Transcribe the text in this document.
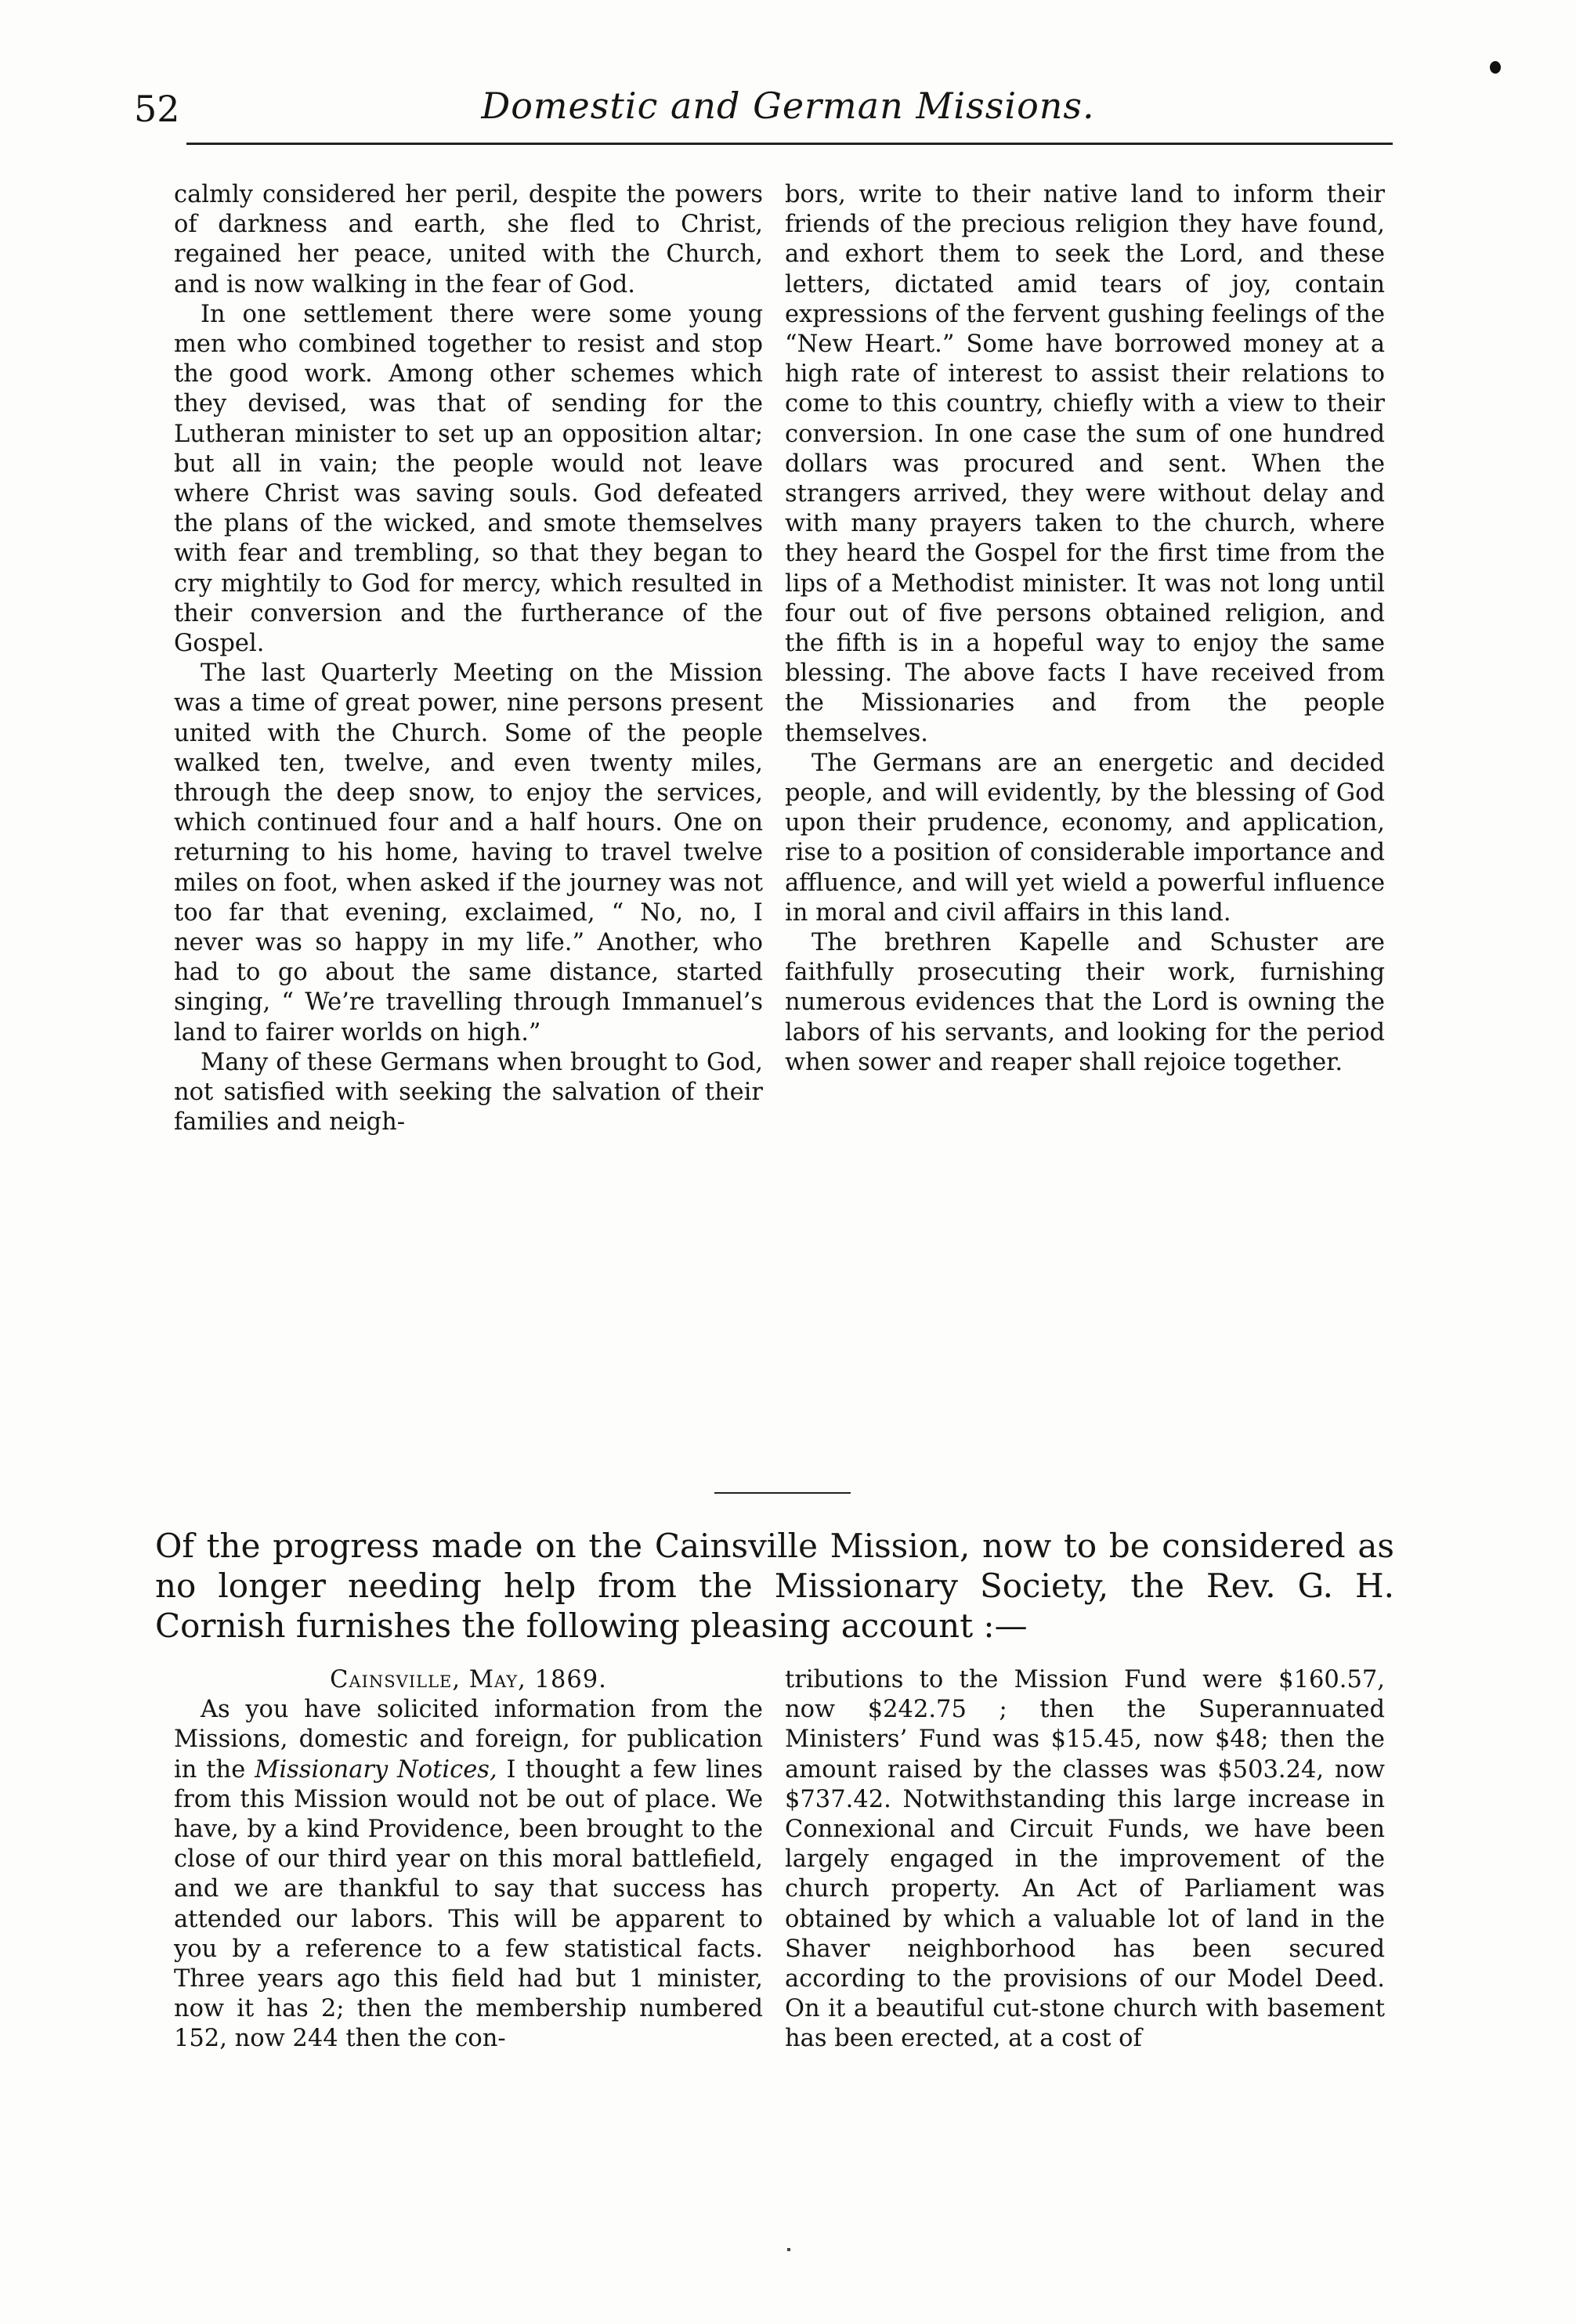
52	Domestic and German Missions.

calmly considered her peril, despite the powers of darkness and earth, she fled to Christ, regained her peace, united with the Church, and is now walking in the fear of God.

In one settlement there were some young men who combined together to resist and stop the good work. Among other schemes which they devised, was that of sending for the Lutheran minister to set up an opposition altar; but all in vain; the people would not leave where Christ was saving souls. God defeated the plans of the wicked, and smote themselves with fear and trembling, so that they began to cry mightily to God for mercy, which resulted in their conversion and the furtherance of the Gospel.

The last Quarterly Meeting on the Mission was a time of great power, nine persons present united with the Church. Some of the people walked ten, twelve, and even twenty miles, through the deep snow, to enjoy the services, which continued four and a half hours. One on returning to his home, having to travel twelve miles on foot, when asked if the journey was not too far that evening, exclaimed, “ No, no, I never was so happy in my life.” Another, who had to go about the same distance, started singing, “ We’re travelling through Immanuel’s land to fairer worlds on high.”

Many of these Germans when brought to God, not satisfied with seeking the salvation of their families and neigh-

bors, write to their native land to inform their friends of the precious religion they have found, and exhort them to seek the Lord, and these letters, dictated amid tears of joy, contain expressions of the fervent gushing feelings of the “New Heart.” Some have borrowed money at a high rate of interest to assist their relations to come to this country, chiefly with a view to their conversion. In one case the sum of one hundred dollars was procured and sent. When the strangers arrived, they were without delay and with many prayers taken to the church, where they heard the Gospel for the first time from the lips of a Methodist minister. It was not long until four out of five persons obtained religion, and the fifth is in a hopeful way to enjoy the same blessing. The above facts I have received from the Missionaries and from the people themselves.

The Germans are an energetic and decided people, and will evidently, by the blessing of God upon their prudence, economy, and application, rise to a position of considerable importance and affluence, and will yet wield a powerful influence in moral and civil affairs in this land.

The brethren Kapelle and Schuster are faithfully prosecuting their work, furnishing numerous evidences that the Lord is owning the labors of his servants, and looking for the period when sower and reaper shall rejoice together.

Of the progress made on the Cainsville Mission, now to be considered as no longer needing help from the Missionary Society, the Rev. G. H. Cornish furnishes the following pleasing account :—

Cainsville, May, 1869.

As you have solicited information from the Missions, domestic and foreign, for publication in the Missionary Notices, I thought a few lines from this Mission would not be out of place. We have, by a kind Providence, been brought to the close of our third year on this moral battlefield, and we are thankful to say that success has attended our labors. This will be apparent to you by a reference to a few statistical facts. Three years ago this field had but 1 minister, now it has 2; then the membership numbered 152, now 244 then the con-

tributions to the Mission Fund were $160.57, now $242.75 ; then the Superannuated Ministers’ Fund was $15.45, now $48; then the amount raised by the classes was $503.24, now $737.42. Notwithstanding this large increase in Connexional and Circuit Funds, we have been largely engaged in the improvement of the church property. An Act of Parliament was obtained by which a valuable lot of land in the Shaver neighborhood has been secured according to the provisions of our Model Deed. On it a beautiful cut-stone church with basement has been erected, at a cost of
